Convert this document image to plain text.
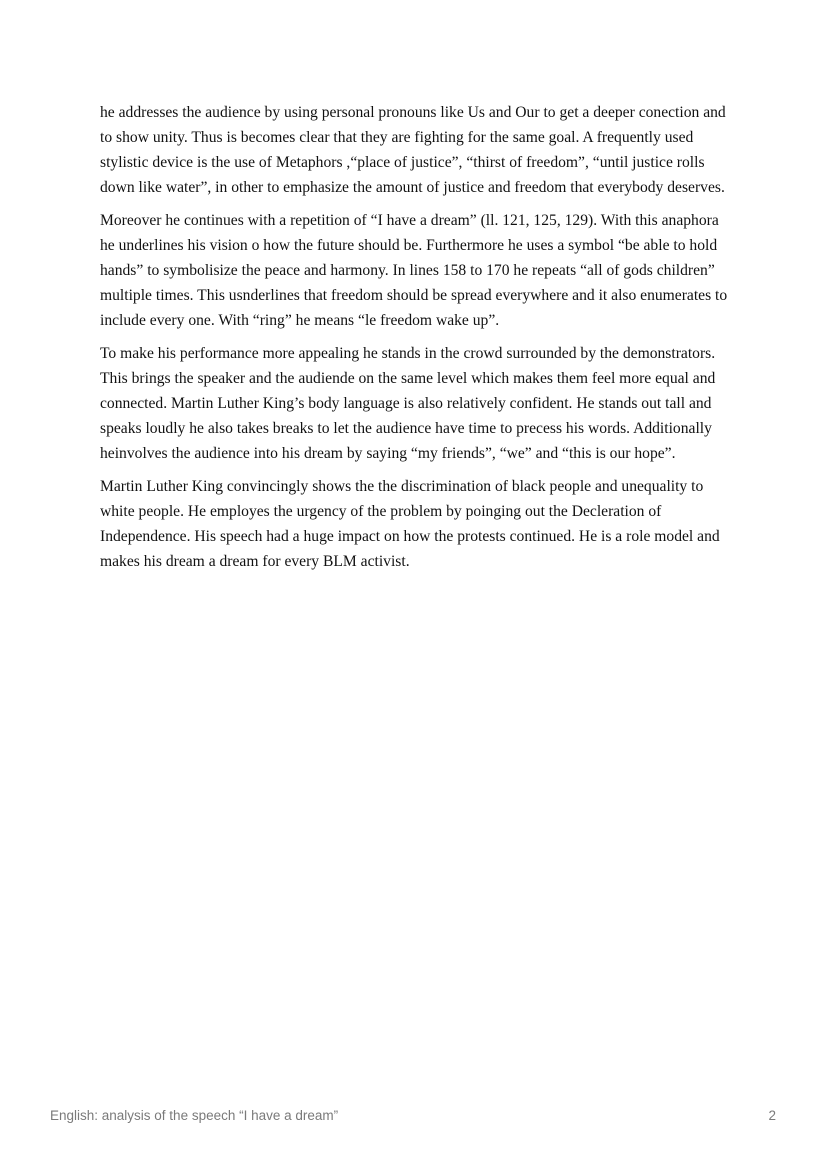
he addresses the audience by using personal pronouns like Us and Our to get a deeper conection and to show unity. Thus is becomes clear that they are fighting for the same goal. A frequently used stylistic device is the use of Metaphors ,“place of justice”, “thirst of freedom”, “until justice rolls down like water”, in other to emphasize the amount of justice and freedom that everybody deserves.

Moreover he continues with a repetition of “I have a dream” (ll. 121, 125, 129). With this anaphora he underlines his vision o how the future should be. Furthermore he uses a symbol “be able to hold hands” to symbolisize the peace and harmony. In lines 158 to 170 he repeats “all of gods children” multiple times. This usnderlines that freedom should be spread everywhere and it also enumerates to include every one. With “ring” he means “le freedom wake up”.

To make his performance more appealing he stands in the crowd surrounded by the demonstrators. This brings the speaker and the audiende on the same level which makes them feel more equal and connected. Martin Luther King’s body language is also relatively confident. He stands out tall and speaks loudly he also takes breaks to let the audience have time to precess his words. Additionally heinvolves the audience into his dream by saying “my friends”, “we” and “this is our hope”.

Martin Luther King convincingly shows the the discrimination of black people and unequality to white people. He employes the urgency of the problem by poinging out the Decleration of Independence. His speech had a huge impact on how the protests continued. He is a role model and makes his dream a dream for every BLM activist.

English: analysis of the speech “I have a dream”	2
